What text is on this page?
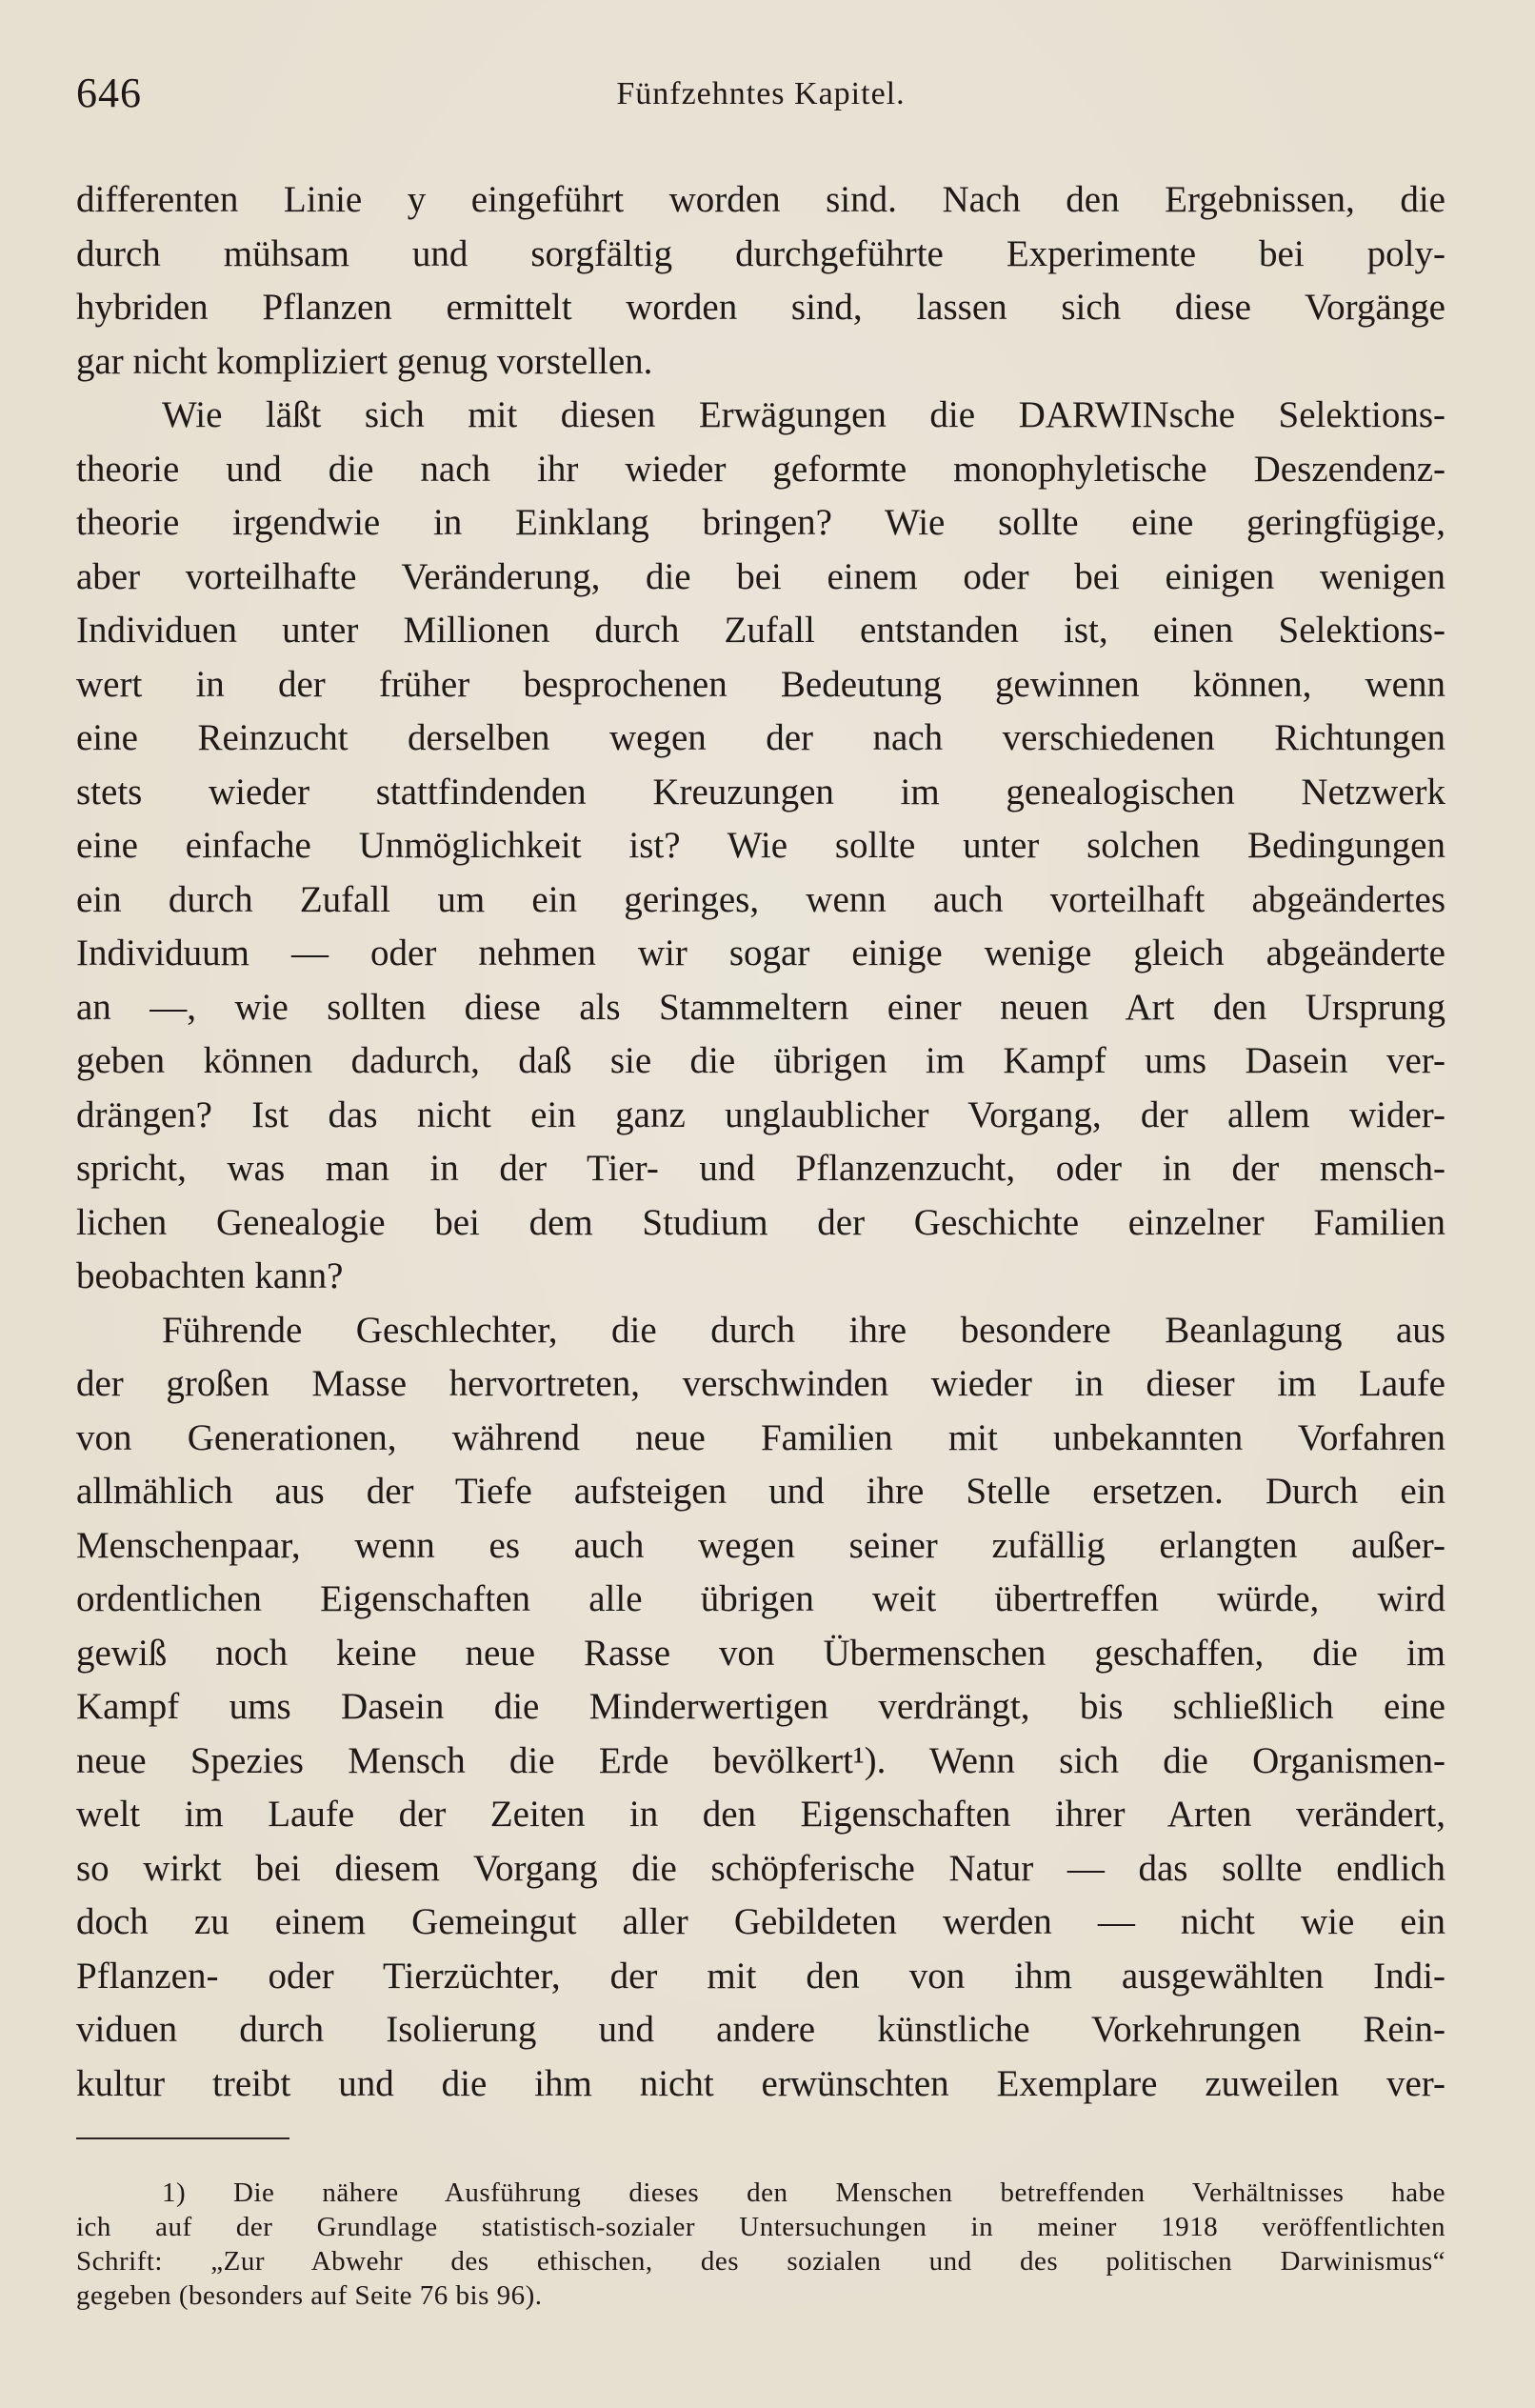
646	Fünfzehntes Kapitel.
differenten Linie y eingeführt worden sind. Nach den Ergebnissen, die
durch mühsam und sorgfältig durchgeführte Experimente bei poly-
hybriden Pflanzen ermittelt worden sind, lassen sich diese Vorgänge
gar nicht kompliziert genug vorstellen.
Wie läßt sich mit diesen Erwägungen die DARWINsche Selektions-
theorie und die nach ihr wieder geformte monophyletische Deszendenz-
theorie irgendwie in Einklang bringen? Wie sollte eine geringfügige,
aber vorteilhafte Veränderung, die bei einem oder bei einigen wenigen
Individuen unter Millionen durch Zufall entstanden ist, einen Selektions-
wert in der früher besprochenen Bedeutung gewinnen können, wenn
eine Reinzucht derselben wegen der nach verschiedenen Richtungen
stets wieder stattfindenden Kreuzungen im genealogischen Netzwerk
eine einfache Unmöglichkeit ist? Wie sollte unter solchen Bedingungen
ein durch Zufall um ein geringes, wenn auch vorteilhaft abgeändertes
Individuum — oder nehmen wir sogar einige wenige gleich abgeänderte
an —, wie sollten diese als Stammeltern einer neuen Art den Ursprung
geben können dadurch, daß sie die übrigen im Kampf ums Dasein ver-
drängen? Ist das nicht ein ganz unglaublicher Vorgang, der allem wider-
spricht, was man in der Tier- und Pflanzenzucht, oder in der mensch-
lichen Genealogie bei dem Studium der Geschichte einzelner Familien
beobachten kann?
Führende Geschlechter, die durch ihre besondere Beanlagung aus
der großen Masse hervortreten, verschwinden wieder in dieser im Laufe
von Generationen, während neue Familien mit unbekannten Vorfahren
allmählich aus der Tiefe aufsteigen und ihre Stelle ersetzen. Durch ein
Menschenpaar, wenn es auch wegen seiner zufällig erlangten außer-
ordentlichen Eigenschaften alle übrigen weit übertreffen würde, wird
gewiß noch keine neue Rasse von Übermenschen geschaffen, die im
Kampf ums Dasein die Minderwertigen verdrängt, bis schließlich eine
neue Spezies Mensch die Erde bevölkert¹). Wenn sich die Organismen-
welt im Laufe der Zeiten in den Eigenschaften ihrer Arten verändert,
so wirkt bei diesem Vorgang die schöpferische Natur — das sollte endlich
doch zu einem Gemeingut aller Gebildeten werden — nicht wie ein
Pflanzen- oder Tierzüchter, der mit den von ihm ausgewählten Indi-
viduen durch Isolierung und andere künstliche Vorkehrungen Rein-
kultur treibt und die ihm nicht erwünschten Exemplare zuweilen ver-
1) Die nähere Ausführung dieses den Menschen betreffenden Verhältnisses habe
ich auf der Grundlage statistisch-sozialer Untersuchungen in meiner 1918 veröffentlichten
Schrift: „Zur Abwehr des ethischen, des sozialen und des politischen Darwinismus“
gegeben (besonders auf Seite 76 bis 96).
